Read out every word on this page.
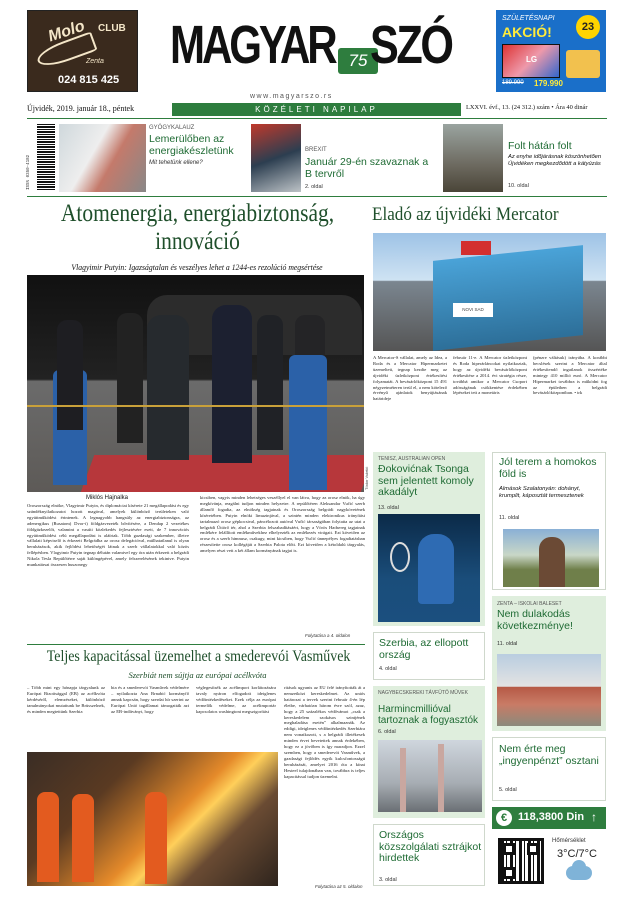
Molo CLUB
Zenta
024 815 425
MAGYAR 75 SZÓ
www.magyarszo.rs
SZÜLETÉSNAPI
AKCIÓ!	23
LG
189.990 179.990
Újvidék, 2019. január 18., péntek	KÖZÉLETI NAPILAP	LXXVI. évf., 13. (24 312.) szám • Ára 40 dinár
GYÓGYKALAUZ
Lemerülőben az energiakészletünk
Mit tehetünk ellene?
BREXIT
Január 29-én szavaznak a B tervről
2. oldal
Folt hátán folt
Az enyhe időjárásnak köszönhetően Újvidéken megkezdődött a kátyúzás
10. oldal
ISSN 0350-4182
Atomenergia, energiabiztonság, innováció
Vlagyimir Putyin: Igazságtalan és veszélyes lehet a 1244-es rezolúció megsértése
Tódor Vuletić
Miklós Hajnalka
Oroszország elnöke, Vlagyimir Putyin, és diplomáciai kísérete 21 megállapodást és egy szándéknyilatkozatot hozott magával, amelyek különböző területeken való együttműködést érintenek. A legnagyobb hangsúly az energiabiztonságra, az adenergikus (Rusatom) Dvor-i) földgázvezeték bővítésére, a Dendap 2 vezetékes földgázkezelőt, valamint a vasúti közlekedés fejlesztésére esett, de 7 innovációs együttműködési célú megállapodást is aláírtak. Több gazdasági szakember, illetve vállalati képviselő is érkezett Belgrádba az orosz delegációval, múlhatatlanul is olyan beruházások, akik fejlődést lehetőségét látnak a szerb vállalatokkal való közös fellépésben. Vlagyimir Putyin tegnap délután valamivel egy óra után érkezett a belgrádi Nikola Tesla Repülőtérre saját különgépével, amely felszerelésének tekintve. Putyin munkatársai összesen huszonegy
kicsiben, vagyis minden lehetséges veszéllyel el van látva, hogy az orosz elnök, ha úgy megkívánja, reagálni tudjon minden helyzetre. A repülőtéren Aleksandar Vučić szerb államfő fogadta, az elnökség tagjainak és Oroszország belgrádi nagykövetének kíséretében. Putyin elnöki limuzinjával, a szintén minden elektronikus irányítást tartalmazó orosz gépkocsival, páncélozott autóval Vučić társaságában folytatta az utat a belgrádi Úttörő tér, ahol a Szerbia felszabadításáért, hogy a Vörös Hadsereg tagjainak emlékére felállított emlékművekhez elhelyezték az emlékezés virágait. Ezt követően az orosz és a szerb himnusz, csakugy, mint kicsiben, hogy Vučić ünnepélyes fogadtatásban részesítette orosz kollégáját a Szerbia Palota előtt. Ezt követően a kétoldalú tárgyalás, amelyen részt vett a két állam kormányának tagjai is.
Folytatása a 4. oldalon
Eladó az újvidéki Mercator
NOVI SAD
A Mercator-S vállalat, amely az Idea, a Roda és a Mercator Hipermarketet üzemelteti, tegnap kezdte meg az újvidéki üzletközpont értékesítési folyamatát. A bevásárlóközpont 15 491 négyzetméteren terül el, a nem kötelező érvényű ajánlatok benyújtásának határideje
február 11-e. A Mercator üzletközpont és Roda hiperárláncokat nyilatkoztak, hogy az újvidéki bevásárlóközpont értékesítése a 2014. évi stratégia része, továbbá amikor a Mercator Csoport adósságának csökkentése érdekében lépéseket tett a monetáris
(pénzre váltásuk) irányába. A korábbi becslések szerint a Mercator által értékesítendő ingatlanok összértéke mintegy 410 millió euró. A Mercator Hipermarket továbbra is működni fog az épületben a belgrádi bevásárlóközpontban. • trk
TENISZ, AUSTRALIAN OPEN
Đokovićnak Tsonga sem jelentett komoly akadályt
13. oldal
Jól terem a homokos föld is
Almások Szalatonyán: dohányt, krumplit, káposztát termesztenek
11. oldal
ZENTA – ISKOLAI BALESET
Nem dulakodás következménye!
11. oldal
Szerbia, az ellopott ország
4. oldal
NAGYBECSKEREKI TÁVFŰTŐ MŰVEK
Harmincmillióval tartoznak a fogyasztók
6. oldal
Nem érte meg „ingyenpénzt” osztani
5. oldal
€ 118,3800 Din ↑
Országos közszolgálati sztrájkot hirdettek
3. oldal
Hőmérséklet
3°C/7°C
Teljes kapacitással üzemelhet a smederevói Vasművek
Szerbiát nem sújtja az európai acélkvóta
– Több mint egy hónapja tárgyalunk az Európai Bizottsággal (EB) az acélkvóta kérdéséről, elemzéseket, különböző tanulmányokat mutattunk be Brüsszelnek, és minden megtettünk Szerbia
bia és a smederevói Vasművek védelmére – nyilatkozta Ana Brnabić kormányfő annak kapcsán, hogy szerdai hír szerint az Európai Unió tagállamai támogatták azt az EB-indítványt, hogy
véglegesítsék az acélimport korlátozására tavaly nyáron elfogadott ideiglenes védőintézkedéseket. Ezek célja az európai termelők védelme, az acélimportár kapcsolatos washingtoni megszigorítást
ritások ugyanis az EU felé irányították át a nemzetközi kereskedelmet. Az uniós határozat a tervek szerint február 4-én lép életbe, várhatóan három évre szól, azaz, hogy a 25 százalékos védővámot „csak a kereskedelem szokásos szintjének meghaladása esetén” alkalmaznák. Az eddigi, ideiglenes védőintézkedés Szerbiára nem vonatkozott, s a belgrádi illetékesek minden érvet bevetettek annak érdekében, hogy ez a jövőben is így maradjon. Ezzel szemben, hogy a smederevói Vasművek, a gazdasági fejlődés egyik kulcsfontosságú beruházását, amelyet 2016 óta a kínai Hesteel tulajdonában van, továbbra is teljes kapacitással tudjon üzemelni.
Folytatása az 5. oldalon
